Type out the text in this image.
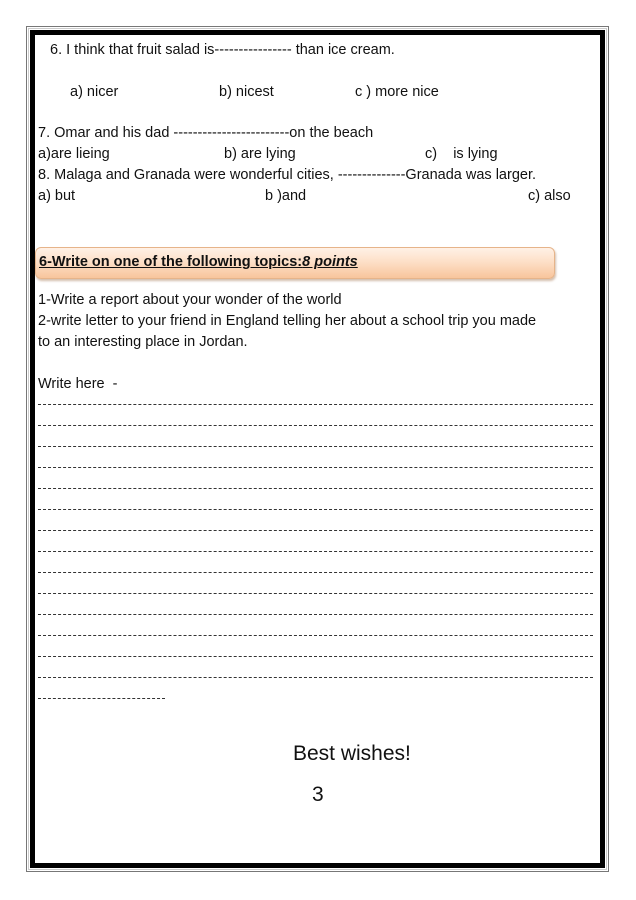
6. I think that fruit salad is---------------- than ice cream.
a) nicer	b) nicest	c ) more nice
7. Omar and his dad ------------------------on the beach
a)are lieing	b) are lying	c)    is lying
8. Malaga and Granada were wonderful cities, --------------Granada was larger.
a) but	b )and	c) also
6-Write on one of the following topics:8 points
1-Write a report about your wonder of the world
2-write letter to your friend in England telling her about a school trip you made
to an interesting place in Jordan.
Write here  -
Best wishes!
3
